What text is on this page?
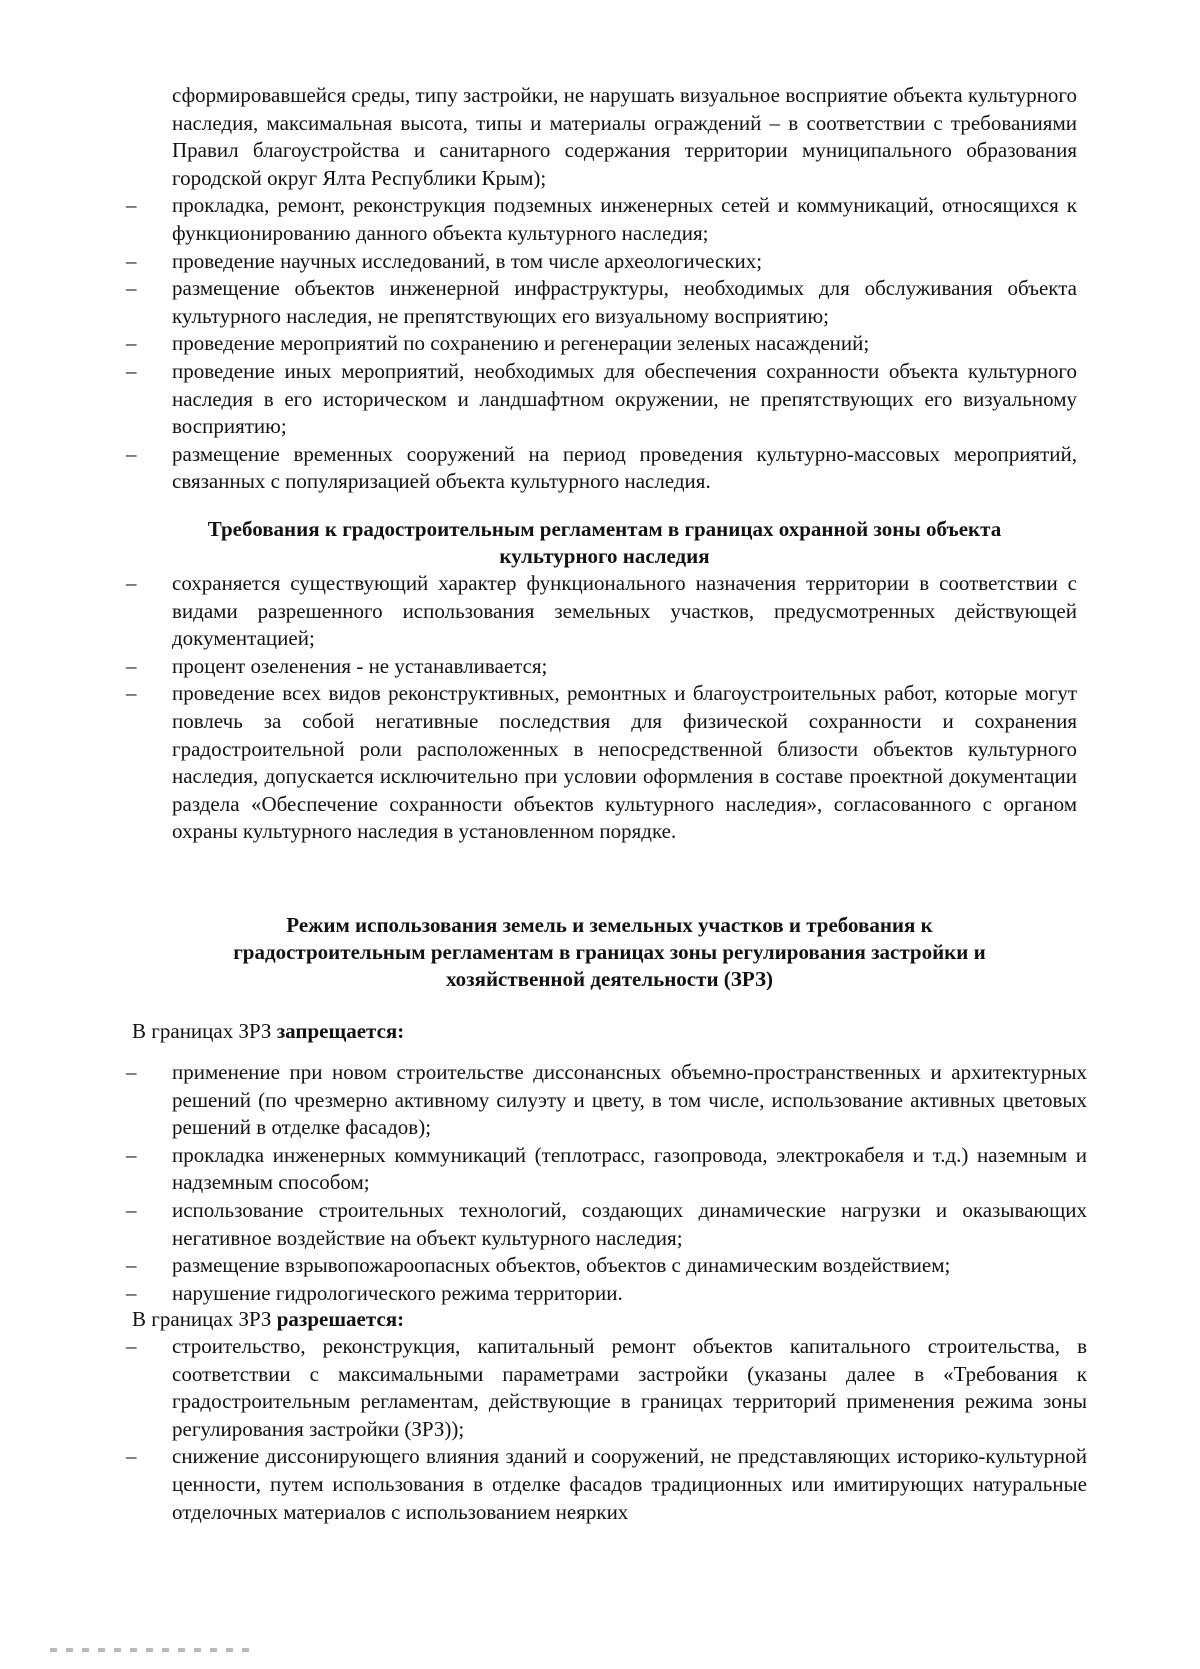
сформировавшейся среды, типу застройки, не нарушать визуальное восприятие объекта культурного наследия, максимальная высота, типы и материалы ограждений – в соответствии с требованиями Правил благоустройства и санитарного содержания территории муниципального образования городской округ Ялта Республики Крым);

– прокладка, ремонт, реконструкция подземных инженерных сетей и коммуникаций, относящихся к функционированию данного объекта культурного наследия;
– проведение научных исследований, в том числе археологических;
– размещение объектов инженерной инфраструктуры, необходимых для обслуживания объекта культурного наследия, не препятствующих его визуальному восприятию;
– проведение мероприятий по сохранению и регенерации зеленых насаждений;
– проведение иных мероприятий, необходимых для обеспечения сохранности объекта культурного наследия в его историческом и ландшафтном окружении, не препятствующих его визуальному восприятию;
– размещение временных сооружений на период проведения культурно-массовых мероприятий, связанных с популяризацией объекта культурного наследия.
Требования к градостроительным регламентам в границах охранной зоны объекта
культурного наследия
– сохраняется существующий характер функционального назначения территории в соответствии с видами разрешенного использования земельных участков, предусмотренных действующей документацией;
– процент озеленения - не устанавливается;
– проведение всех видов реконструктивных, ремонтных и благоустроительных работ, которые могут повлечь за собой негативные последствия для физической сохранности и сохранения градостроительной роли расположенных в непосредственной близости объектов культурного наследия, допускается исключительно при условии оформления в составе проектной документации раздела «Обеспечение сохранности объектов культурного наследия», согласованного с органом охраны культурного наследия в установленном порядке.
Режим использования земель и земельных участков и требования к
градостроительным регламентам в границах зоны регулирования застройки и
хозяйственной деятельности (ЗРЗ)

В границах ЗРЗ запрещается:

– применение при новом строительстве диссонансных объемно-пространственных и архитектурных решений (по чрезмерно активному силуэту и цвету, в том числе, использование активных цветовых решений в отделке фасадов);
– прокладка инженерных коммуникаций (теплотрасс, газопровода, электрокабеля и т.д.) наземным и надземным способом;
– использование строительных технологий, создающих динамические нагрузки и оказывающих негативное воздействие на объект культурного наследия;
– размещение взрывопожароопасных объектов, объектов с динамическим воздействием;
– нарушение гидрологического режима территории.

В границах ЗРЗ разрешается:

– строительство, реконструкция, капитальный ремонт объектов капитального строительства, в соответствии с максимальными параметрами застройки (указаны далее в «Требования к градостроительным регламентам, действующие в границах территорий применения режима зоны регулирования застройки (ЗРЗ));
– снижение диссонирующего влияния зданий и сооружений, не представляющих историко-культурной ценности, путем использования в отделке фасадов традиционных или имитирующих натуральные отделочных материалов с использованием неярких
